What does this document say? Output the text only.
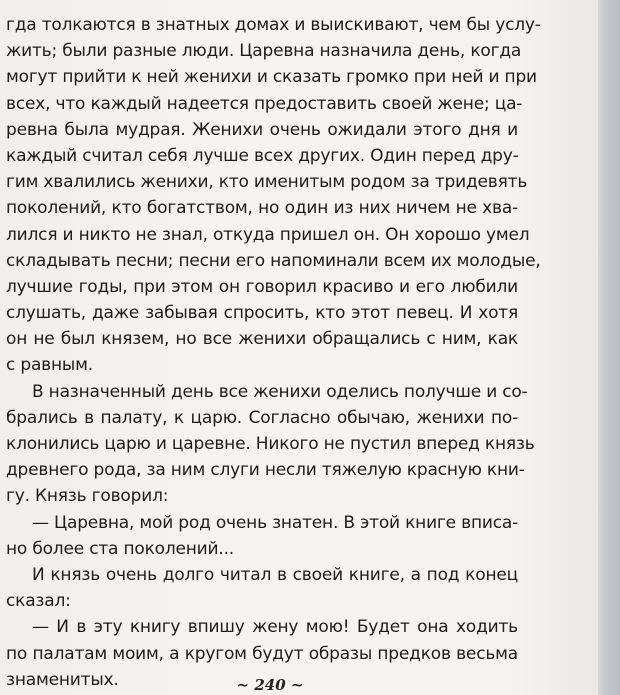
гда толкаются в знатных домах и выискивают, чем бы услу-
жить; были разные люди. Царевна назначила день, когда
могут прийти к ней женихи и сказать громко при ней и при
всех, что каждый надеется предоставить своей жене; ца-
ревна была мудрая. Женихи очень ожидали этого дня и
каждый считал себя лучше всех других. Один перед дру-
гим хвалились женихи, кто именитым родом за тридевять
поколений, кто богатством, но один из них ничем не хва-
лился и никто не знал, откуда пришел он. Он хорошо умел
складывать песни; песни его напоминали всем их молодые,
лучшие годы, при этом он говорил красиво и его любили
слушать, даже забывая спросить, кто этот певец. И хотя
он не был князем, но все женихи обращались с ним, как
с равным.
В назначенный день все женихи оделись получше и со-
брались в палату, к царю. Согласно обычаю, женихи по-
клонились царю и царевне. Никого не пустил вперед князь
древнего рода, за ним слуги несли тяжелую красную кни-
гу. Князь говорил:
— Царевна, мой род очень знатен. В этой книге вписа-
но более ста поколений...
И князь очень долго читал в своей книге, а под конец
сказал:
— И в эту книгу впишу жену мою! Будет она ходить
по палатам моим, а кругом будут образы предков весьма
знаменитых.	~ 240 ~
